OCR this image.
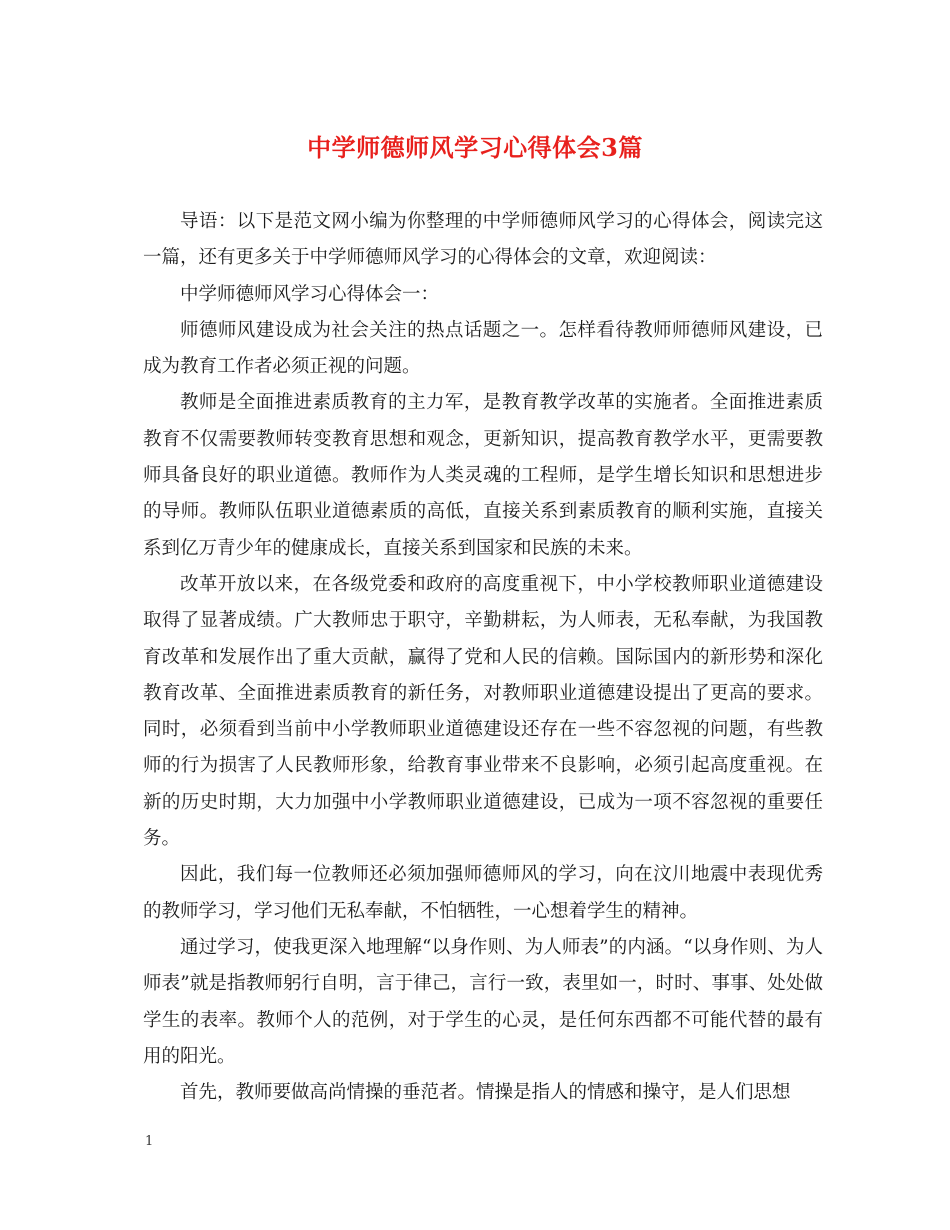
中学师德师风学习心得体会3篇

导语：以下是范文网小编为你整理的中学师德师风学习的心得体会，阅读完这一篇，还有更多关于中学师德师风学习的心得体会的文章，欢迎阅读：

中学师德师风学习心得体会一：

师德师风建设成为社会关注的热点话题之一。怎样看待教师师德师风建设，已成为教育工作者必须正视的问题。

教师是全面推进素质教育的主力军，是教育教学改革的实施者。全面推进素质教育不仅需要教师转变教育思想和观念，更新知识，提高教育教学水平，更需要教师具备良好的职业道德。教师作为人类灵魂的工程师，是学生增长知识和思想进步的导师。教师队伍职业道德素质的高低，直接关系到素质教育的顺利实施，直接关系到亿万青少年的健康成长，直接关系到国家和民族的未来。

改革开放以来，在各级党委和政府的高度重视下，中小学校教师职业道德建设取得了显著成绩。广大教师忠于职守，辛勤耕耘，为人师表，无私奉献，为我国教育改革和发展作出了重大贡献，赢得了党和人民的信赖。国际国内的新形势和深化教育改革、全面推进素质教育的新任务，对教师职业道德建设提出了更高的要求。同时，必须看到当前中小学教师职业道德建设还存在一些不容忽视的问题，有些教师的行为损害了人民教师形象，给教育事业带来不良影响，必须引起高度重视。在新的历史时期，大力加强中小学教师职业道德建设，已成为一项不容忽视的重要任务。

因此，我们每一位教师还必须加强师德师风的学习，向在汶川地震中表现优秀的教师学习，学习他们无私奉献，不怕牺牲，一心想着学生的精神。

通过学习，使我更深入地理解“以身作则、为人师表”的内涵。“以身作则、为人师表”就是指教师躬行自明，言于律己，言行一致，表里如一，时时、事事、处处做学生的表率。教师个人的范例，对于学生的心灵，是任何东西都不可能代替的最有用的阳光。

首先，教师要做高尚情操的垂范者。情操是指人的情感和操守，是人们思想

1
